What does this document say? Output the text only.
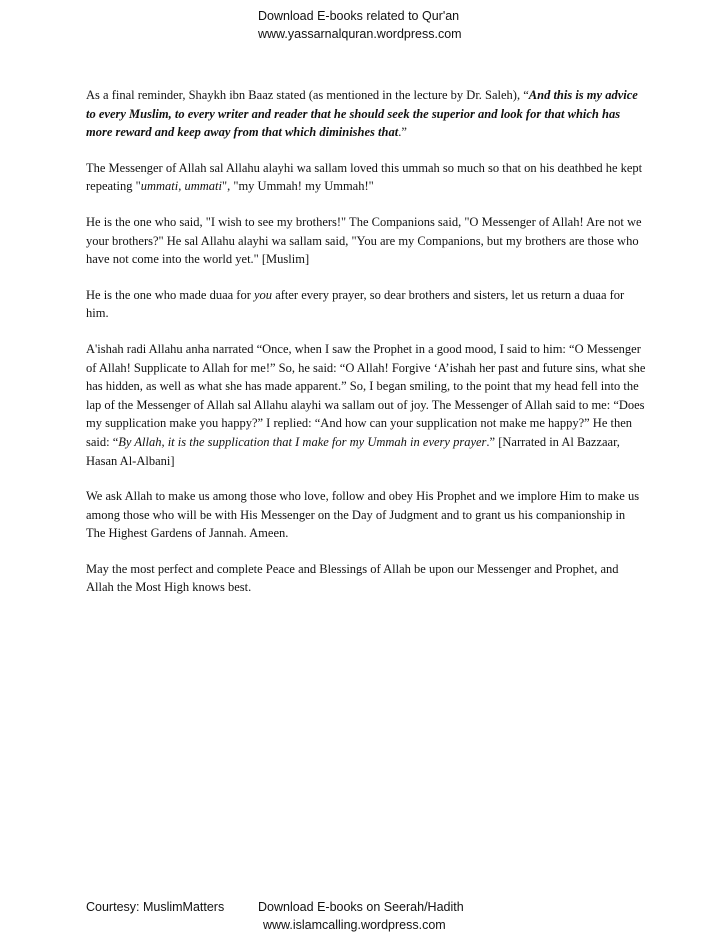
Download E-books related to Qur'an
www.yassarnalquran.wordpress.com

As a final reminder, Shaykh ibn Baaz stated (as mentioned in the lecture by Dr. Saleh), “And this is my advice to every Muslim, to every writer and reader that he should seek the superior and look for that which has more reward and keep away from that which diminishes that.”

The Messenger of Allah sal Allahu alayhi wa sallam loved this ummah so much so that on his deathbed he kept repeating "ummati, ummati", "my Ummah! my Ummah!"

He is the one who said, "I wish to see my brothers!" The Companions said, "O Messenger of Allah! Are not we your brothers?" He sal Allahu alayhi wa sallam said, "You are my Companions, but my brothers are those who have not come into the world yet." [Muslim]

He is the one who made duaa for you after every prayer, so dear brothers and sisters, let us return a duaa for him.

A'ishah radi Allahu anha narrated “Once, when I saw the Prophet in a good mood, I said to him: “O Messenger of Allah! Supplicate to Allah for me!” So, he said: “O Allah! Forgive ‘A’ishah her past and future sins, what she has hidden, as well as what she has made apparent.” So, I began smiling, to the point that my head fell into the lap of the Messenger of Allah sal Allahu alayhi wa sallam out of joy. The Messenger of Allah said to me: “Does my supplication make you happy?” I replied: “And how can your supplication not make me happy?” He then said: “By Allah, it is the supplication that I make for my Ummah in every prayer.” [Narrated in Al Bazzaar, Hasan Al-Albani]

We ask Allah to make us among those who love, follow and obey His Prophet and we implore Him to make us among those who will be with His Messenger on the Day of Judgment and to grant us his companionship in The Highest Gardens of Jannah. Ameen.

May the most perfect and complete Peace and Blessings of Allah be upon our Messenger and Prophet, and Allah the Most High knows best.

Courtesy: MuslimMatters	Download E-books on Seerah/Hadith
www.islamcalling.wordpress.com
